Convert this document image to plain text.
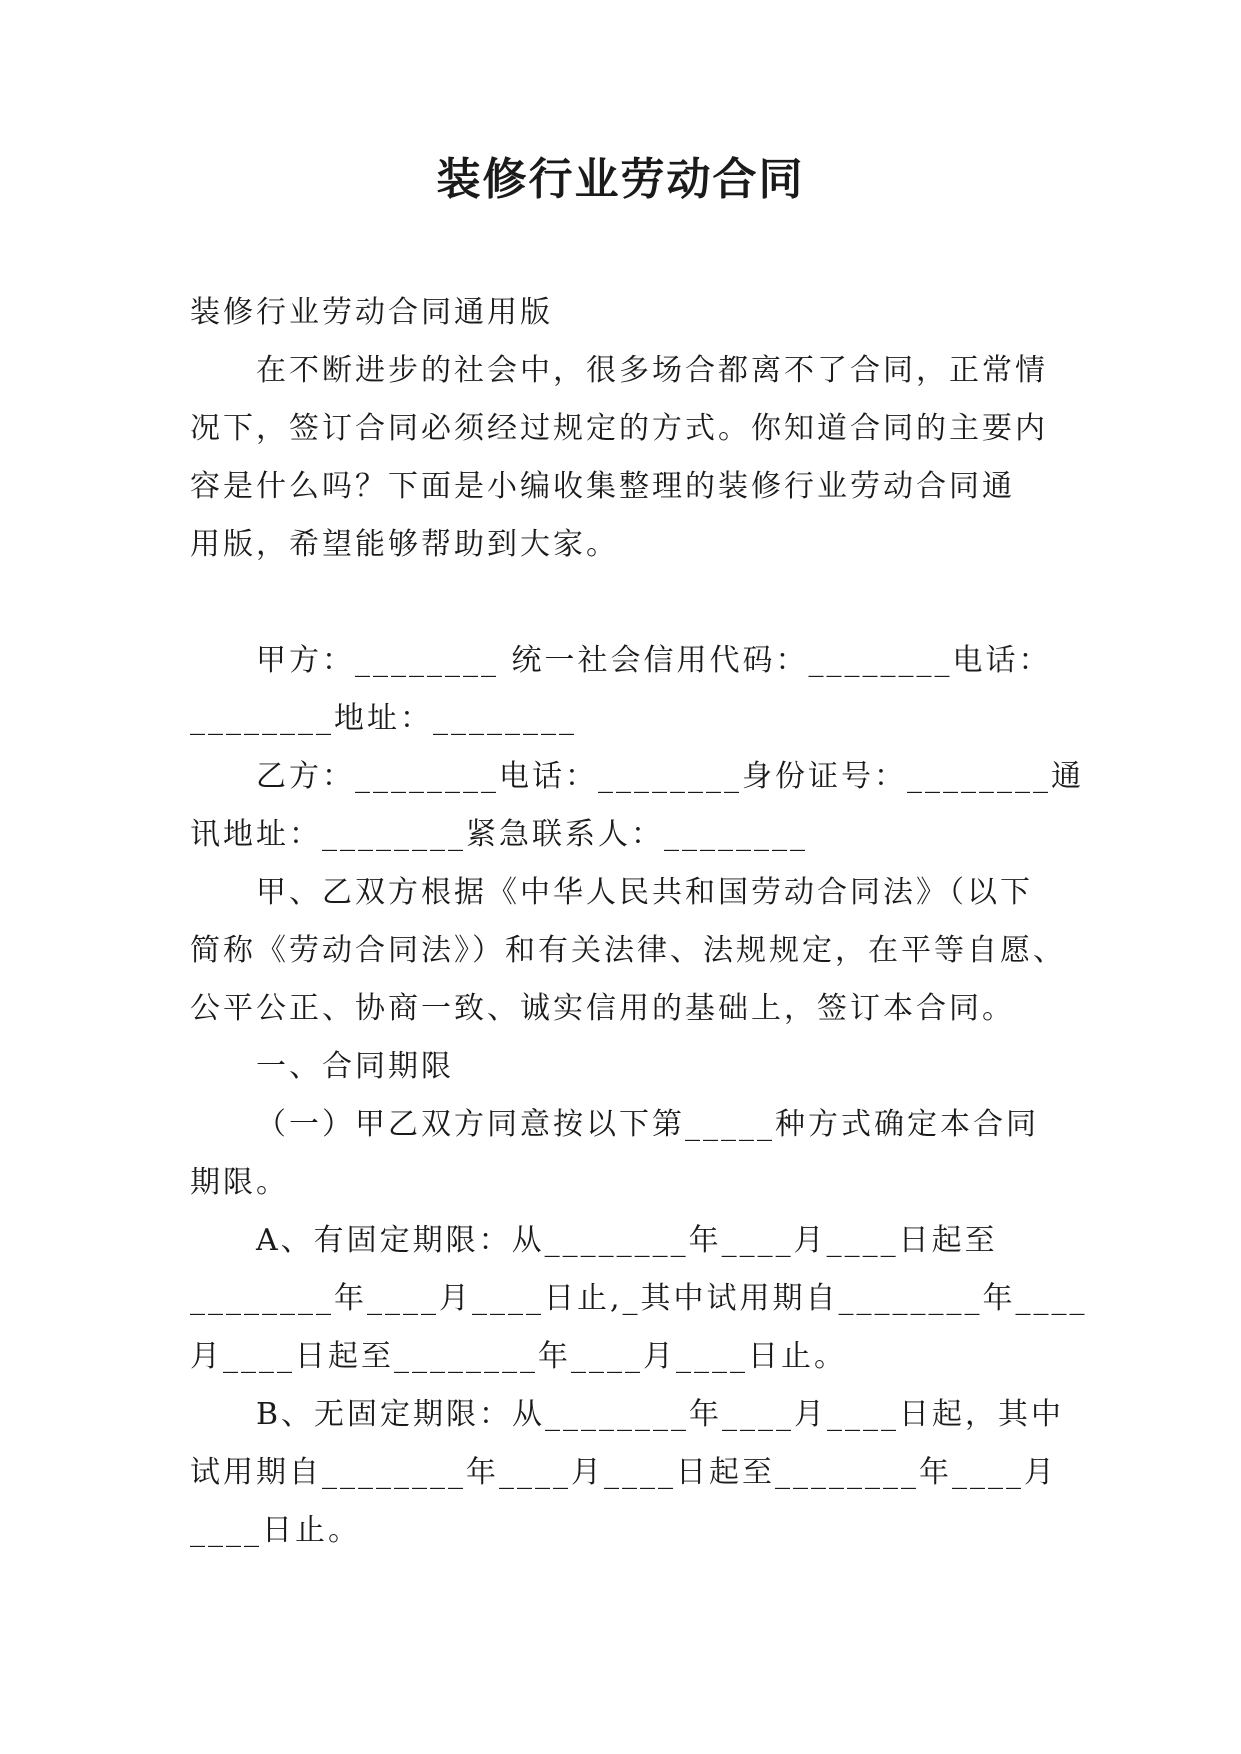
装修行业劳动合同
装修行业劳动合同通用版
在不断进步的社会中，很多场合都离不了合同，正常情
况下，签订合同必须经过规定的方式。你知道合同的主要内
容是什么吗？下面是小编收集整理的装修行业劳动合同通
用版，希望能够帮助到大家。
甲方：________ 统一社会信用代码：________电话：
________地址：________
乙方：________电话：________身份证号：________通
讯地址：________紧急联系人：________
甲、乙双方根据《中华人民共和国劳动合同法》（以下
简称《劳动合同法》）和有关法律、法规规定，在平等自愿、
公平公正、协商一致、诚实信用的基础上，签订本合同。
一、合同期限
（一）甲乙双方同意按以下第_____种方式确定本合同
期限。
A、有固定期限：从________年____月____日起至
________年____月____日止,_其中试用期自________年____
月____日起至________年____月____日止。
B、无固定期限：从________年____月____日起，其中
试用期自________年____月____日起至________年____月
____日止。
